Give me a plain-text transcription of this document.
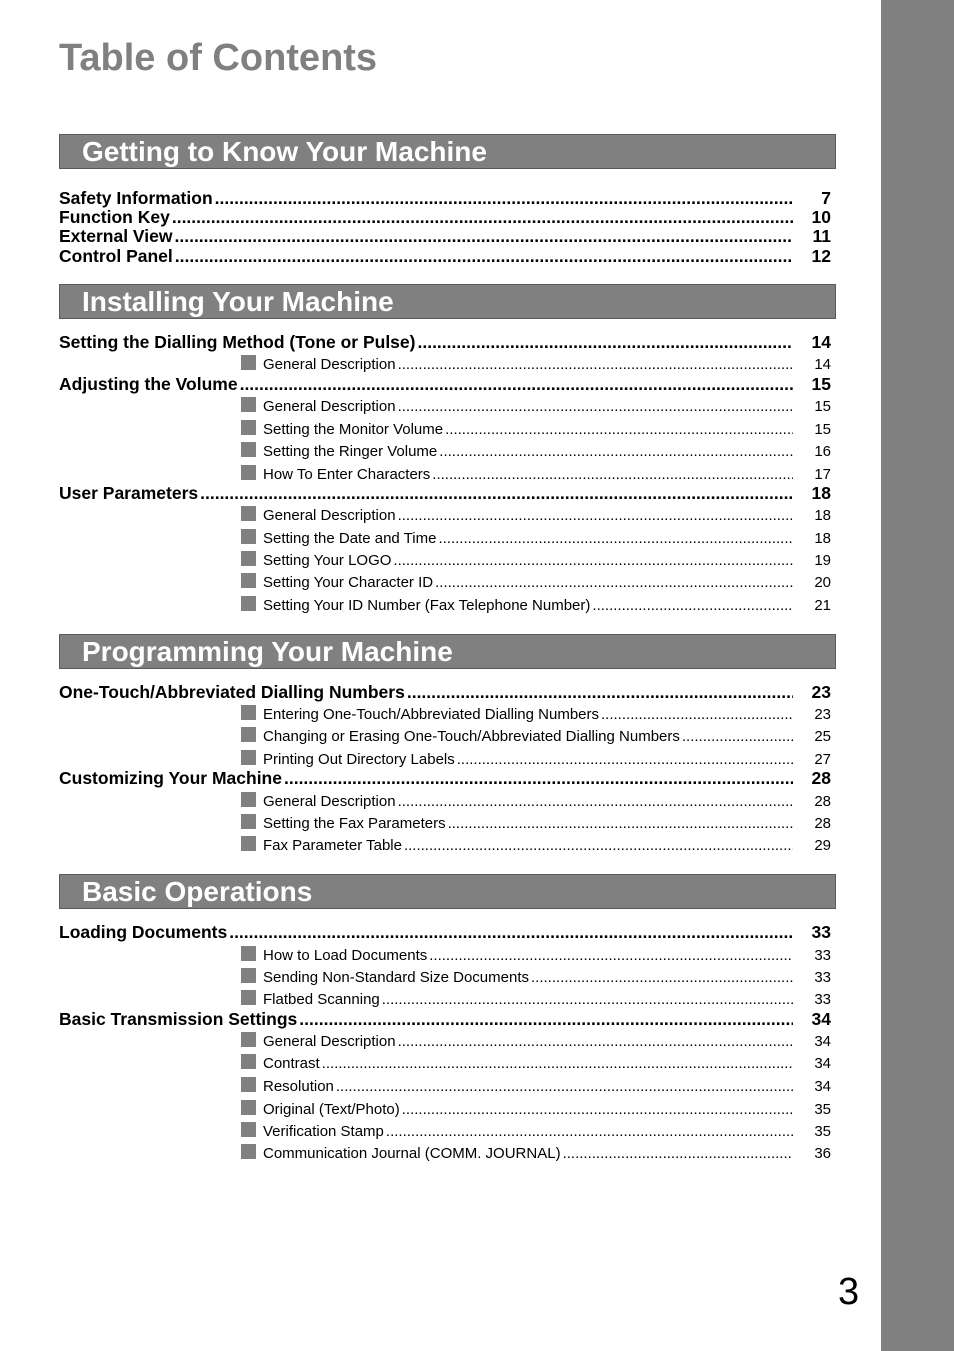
Table of Contents
Getting to Know Your Machine
Safety Information .....	7
Function Key .....	10
External View .....	11
Control Panel .....	12
Installing Your Machine
Setting the Dialling Method (Tone or Pulse) .....	14
General Description .....	14
Adjusting the Volume .....	15
General Description .....	15
Setting the Monitor Volume .....	15
Setting the Ringer Volume .....	16
How To Enter Characters .....	17
User Parameters .....	18
General Description .....	18
Setting the Date and Time .....	18
Setting Your LOGO .....	19
Setting Your Character ID .....	20
Setting Your ID Number (Fax Telephone Number) .....	21
Programming Your Machine
One-Touch/Abbreviated Dialling Numbers .....	23
Entering One-Touch/Abbreviated Dialling Numbers .....	23
Changing or Erasing One-Touch/Abbreviated Dialling Numbers .....	25
Printing Out Directory Labels .....	27
Customizing Your Machine .....	28
General Description .....	28
Setting the Fax Parameters .....	28
Fax Parameter Table .....	29
Basic Operations
Loading Documents .....	33
How to Load Documents .....	33
Sending Non-Standard Size Documents .....	33
Flatbed Scanning .....	33
Basic Transmission Settings .....	34
General Description .....	34
Contrast .....	34
Resolution .....	34
Original (Text/Photo) .....	35
Verification Stamp .....	35
Communication Journal (COMM. JOURNAL) .....	36
3
